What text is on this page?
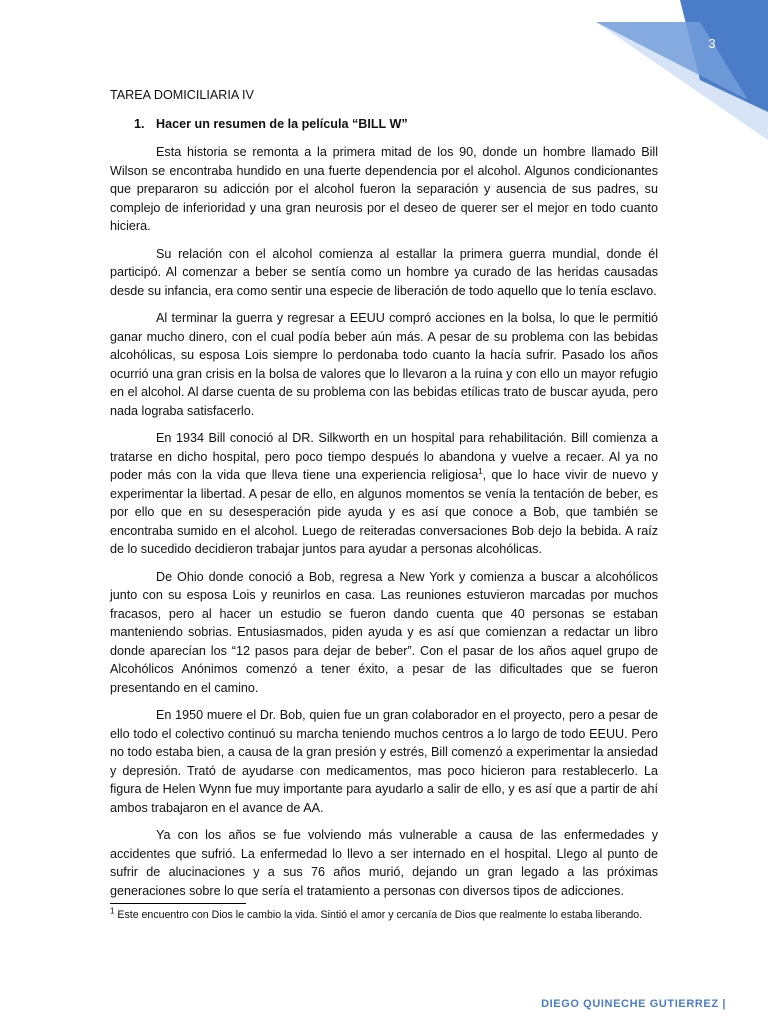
3
TAREA DOMICILIARIA IV
1. Hacer un resumen de la película “BILL W”

Esta historia se remonta a la primera mitad de los 90, donde un hombre llamado Bill Wilson se encontraba hundido en una fuerte dependencia por el alcohol. Algunos condicionantes que prepararon su adicción por el alcohol fueron la separación y ausencia de sus padres, su complejo de inferioridad y una gran neurosis por el deseo de querer ser el mejor en todo cuanto hiciera.

Su relación con el alcohol comienza al estallar la primera guerra mundial, donde él participó. Al comenzar a beber se sentía como un hombre ya curado de las heridas causadas desde su infancia, era como sentir una especie de liberación de todo aquello que lo tenía esclavo.

Al terminar la guerra y regresar a EEUU compró acciones en la bolsa, lo que le permitió ganar mucho dinero, con el cual podía beber aún más. A pesar de su problema con las bebidas alcohólicas, su esposa Lois siempre lo perdonaba todo cuanto la hacía sufrir. Pasado los años ocurrió una gran crisis en la bolsa de valores que lo llevaron a la ruina y con ello un mayor refugio en el alcohol. Al darse cuenta de su problema con las bebidas etílicas trato de buscar ayuda, pero nada lograba satisfacerlo.

En 1934 Bill conoció al DR. Silkworth en un hospital para rehabilitación. Bill comienza a tratarse en dicho hospital, pero poco tiempo después lo abandona y vuelve a recaer. Al ya no poder más con la vida que lleva tiene una experiencia religiosa$^1$, que lo hace vivir de nuevo y experimentar la libertad. A pesar de ello, en algunos momentos se venía la tentación de beber, es por ello que en su desesperación pide ayuda y es así que conoce a Bob, que también se encontraba sumido en el alcohol. Luego de reiteradas conversaciones Bob dejo la bebida. A raíz de lo sucedido decidieron trabajar juntos para ayudar a personas alcohólicas.

De Ohio donde conoció a Bob, regresa a New York y comienza a buscar a alcohólicos junto con su esposa Lois y reunirlos en casa. Las reuniones estuvieron marcadas por muchos fracasos, pero al hacer un estudio se fueron dando cuenta que 40 personas se estaban manteniendo sobrias. Entusiasmados, piden ayuda y es así que comienzan a redactar un libro donde aparecían los “12 pasos para dejar de beber”. Con el pasar de los años aquel grupo de Alcohólicos Anónimos comenzó a tener éxito, a pesar de las dificultades que se fueron presentando en el camino.

En 1950 muere el Dr. Bob, quien fue un gran colaborador en el proyecto, pero a pesar de ello todo el colectivo continuó su marcha teniendo muchos centros a lo largo de todo EEUU. Pero no todo estaba bien, a causa de la gran presión y estrés, Bill comenzó a experimentar la ansiedad y depresión. Trató de ayudarse con medicamentos, mas poco hicieron para restablecerlo. La figura de Helen Wynn fue muy importante para ayudarlo a salir de ello, y es así que a partir de ahí ambos trabajaron en el avance de AA.

Ya con los años se fue volviendo más vulnerable a causa de las enfermedades y accidentes que sufrió. La enfermedad lo llevo a ser internado en el hospital. Llego al punto de sufrir de alucinaciones y a sus 76 años murió, dejando un gran legado a las próximas generaciones sobre lo que sería el tratamiento a personas con diversos tipos de adicciones.

$^1$ Este encuentro con Dios le cambio la vida. Sintió el amor y cercanía de Dios que realmente lo estaba liberando.
DIEGO QUINECHE GUTIERREZ |
